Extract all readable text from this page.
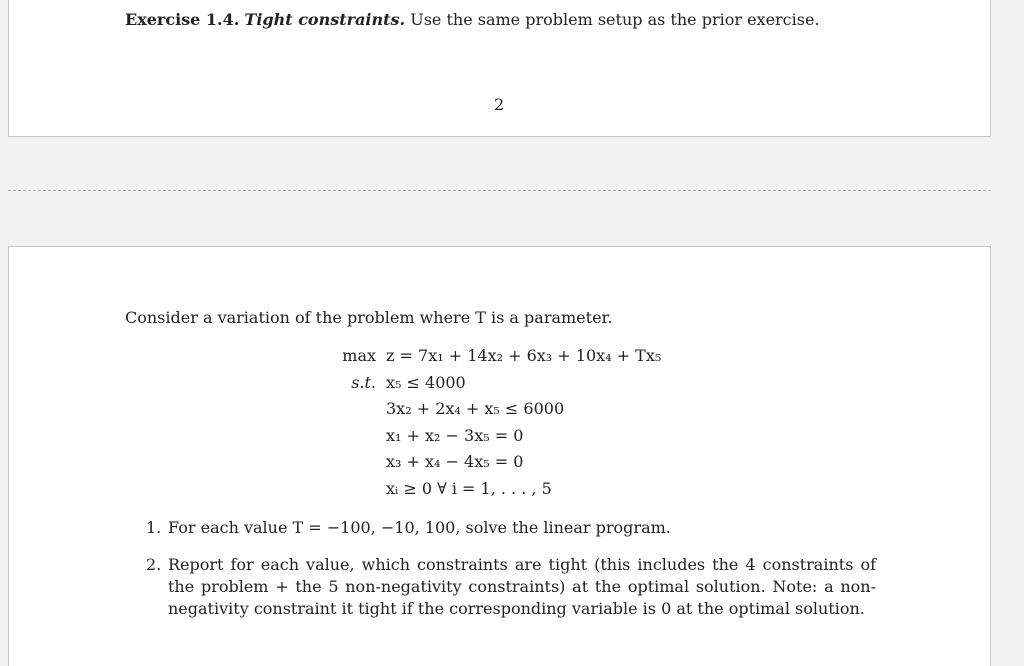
Exercise 1.4. Tight constraints. Use the same problem setup as the prior exercise.
2
Consider a variation of the problem where T is a parameter.
max z = 7x₁ + 14x₂ + 6x₃ + 10x₄ + Tx₅
s.t. x₅ ≤ 4000
3x₂ + 2x₄ + x₅ ≤ 6000
x₁ + x₂ − 3x₅ = 0
x₃ + x₄ − 4x₅ = 0
xᵢ ≥ 0 ∀ i = 1, . . . , 5
1. For each value T = −100, −10, 100, solve the linear program.
2. Report for each value, which constraints are tight (this includes the 4 constraints of the problem + the 5 non-negativity constraints) at the optimal solution. Note: a non-negativity constraint it tight if the corresponding variable is 0 at the optimal solution.
